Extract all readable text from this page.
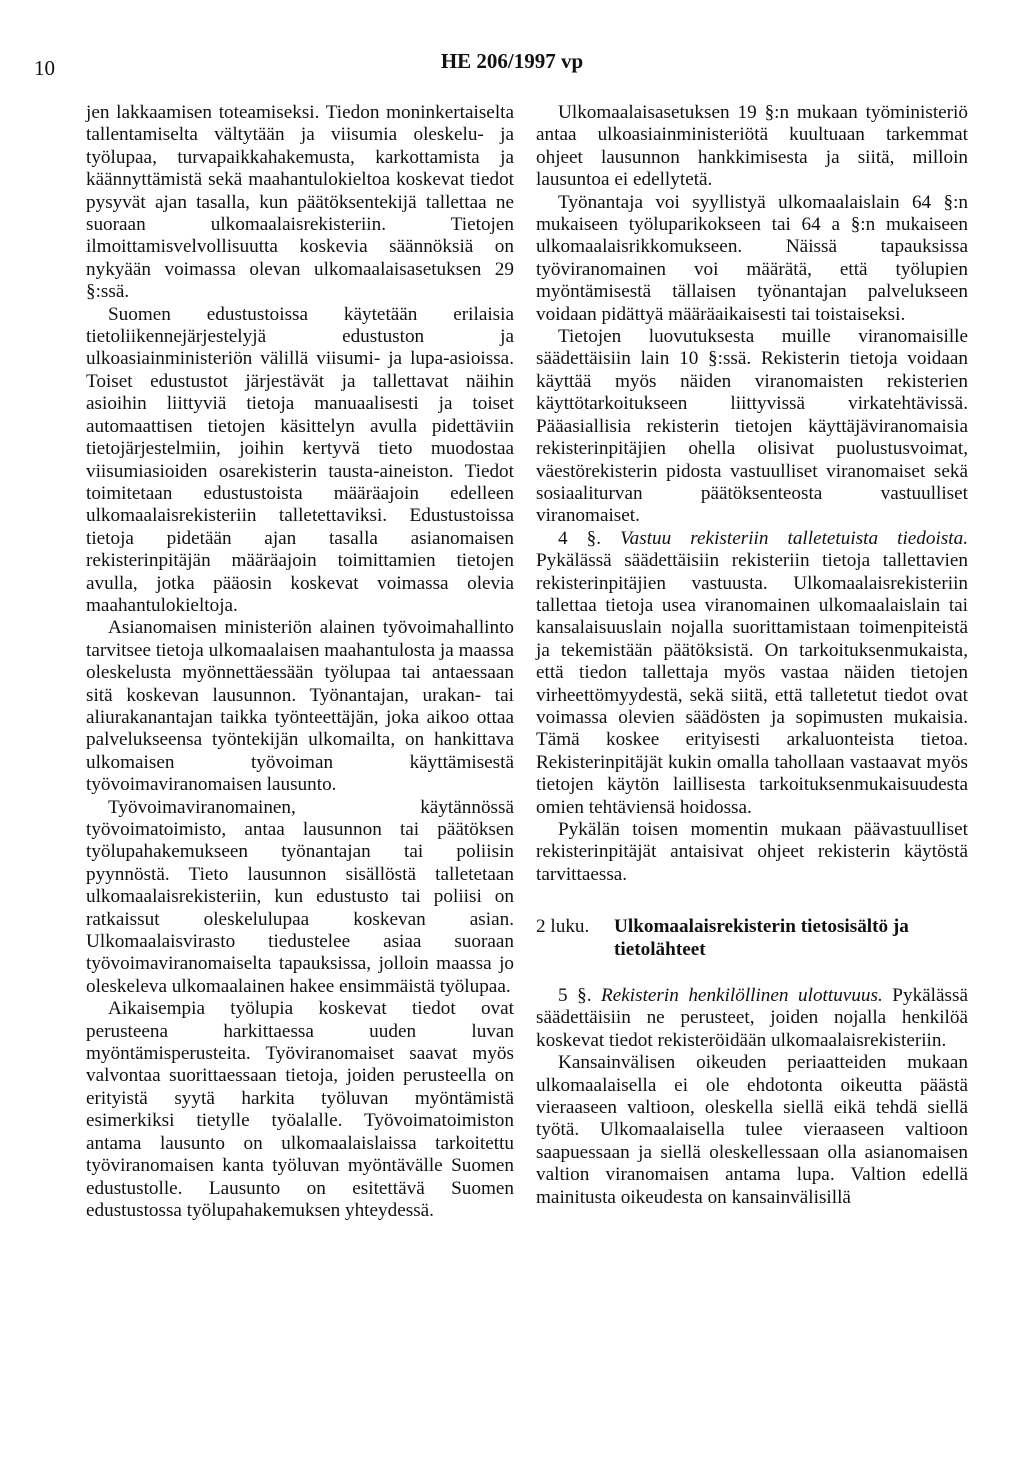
10	HE 206/1997 vp

jen lakkaamisen toteamiseksi. Tiedon moninkertaiselta tallentamiselta vältytään ja viisumia oleskelu- ja työlupaa, turvapaikkahakemusta, karkottamista ja käännyttämistä sekä maahantulokieltoa koskevat tiedot pysyvät ajan tasalla, kun päätöksentekijä tallettaa ne suoraan ulkomaalaisrekisteriin. Tietojen ilmoittamisvelvollisuutta koskevia säännöksiä on nykyään voimassa olevan ulkomaalaisasetuksen 29 §:ssä.

Suomen edustustoissa käytetään erilaisia tietoliikennejärjestelyjä edustuston ja ulkoasiainministeriön välillä viisumi- ja lupa-asioissa. Toiset edustustot järjestävät ja tallettavat näihin asioihin liittyviä tietoja manuaalisesti ja toiset automaattisen tietojen käsittelyn avulla pidettäviin tietojärjestelmiin, joihin kertyvä tieto muodostaa viisumiasioiden osarekisterin tausta-aineiston. Tiedot toimitetaan edustustoista määräajoin edelleen ulkomaalaisrekisteriin talletettaviksi. Edustustoissa tietoja pidetään ajan tasalla asianomaisen rekisterinpitäjän määräajoin toimittamien tietojen avulla, jotka pääosin koskevat voimassa olevia maahantulokieltoja.

Asianomaisen ministeriön alainen työvoimahallinto tarvitsee tietoja ulkomaalaisen maahantulosta ja maassa oleskelusta myönnettäessään työlupaa tai antaessaan sitä koskevan lausunnon. Työnantajan, urakan- tai aliurakanantajan taikka työnteettäjän, joka aikoo ottaa palvelukseensa työntekijän ulkomailta, on hankittava ulkomaisen työvoiman käyttämisestä työvoimaviranomaisen lausunto.

Työvoimaviranomainen, käytännössä työvoimatoimisto, antaa lausunnon tai päätöksen työlupahakemukseen työnantajan tai poliisin pyynnöstä. Tieto lausunnon sisällöstä talletetaan ulkomaalaisrekisteriin, kun edustusto tai poliisi on ratkaissut oleskelulupaa koskevan asian. Ulkomaalaisvirasto tiedustelee asiaa suoraan työvoimaviranomaiselta tapauksissa, jolloin maassa jo oleskeleva ulkomaalainen hakee ensimmäistä työlupaa.

Aikaisempia työlupia koskevat tiedot ovat perusteena harkittaessa uuden luvan myöntämisperusteita. Työviranomaiset saavat myös valvontaa suorittaessaan tietoja, joiden perusteella on erityistä syytä harkita työluvan myöntämistä esimerkiksi tietylle työalalle. Työvoimatoimiston antama lausunto on ulkomaalaislaissa tarkoitettu työviranomaisen kanta työluvan myöntävälle Suomen edustustolle. Lausunto on esitettävä Suomen edustustossa työlupahakemuksen yhteydessä.

Ulkomaalaisasetuksen 19 §:n mukaan työministeriö antaa ulkoasiainministeriötä kuultuaan tarkemmat ohjeet lausunnon hankkimisesta ja siitä, milloin lausuntoa ei edellytetä.

Työnantaja voi syyllistyä ulkomaalaislain 64 §:n mukaiseen työluparikokseen tai 64 a §:n mukaiseen ulkomaalaisrikkomukseen. Näissä tapauksissa työviranomainen voi määrätä, että työlupien myöntämisestä tällaisen työnantajan palvelukseen voidaan pidättyä määräaikaisesti tai toistaiseksi.

Tietojen luovutuksesta muille viranomaisille säädettäisiin lain 10 §:ssä. Rekisterin tietoja voidaan käyttää myös näiden viranomaisten rekisterien käyttötarkoitukseen liittyvissä virkatehtävissä. Pääasiallisia rekisterin tietojen käyttäjäviranomaisia rekisterinpitäjien ohella olisivat puolustusvoimat, väestörekisterin pidosta vastuulliset viranomaiset sekä sosiaaliturvan päätöksenteosta vastuulliset viranomaiset.

4 §. Vastuu rekisteriin talletetuista tiedoista. Pykälässä säädettäisiin rekisteriin tietoja tallettavien rekisterinpitäjien vastuusta. Ulkomaalaisrekisteriin tallettaa tietoja usea viranomainen ulkomaalaislain tai kansalaisuuslain nojalla suorittamistaan toimenpiteistä ja tekemistään päätöksistä. On tarkoituksenmukaista, että tiedon tallettaja myös vastaa näiden tietojen virheettömyydestä, sekä siitä, että talletetut tiedot ovat voimassa olevien säädösten ja sopimusten mukaisia. Tämä koskee erityisesti arkaluonteista tietoa. Rekisterinpitäjät kukin omalla tahollaan vastaavat myös tietojen käytön laillisesta tarkoituksenmukaisuudesta omien tehtäviensä hoidossa.

Pykälän toisen momentin mukaan päävastuulliset rekisterinpitäjät antaisivat ohjeet rekisterin käytöstä tarvittaessa.

2 luku.	Ulkomaalaisrekisterin tietosisältö ja tietolähteet

5 §. Rekisterin henkilöllinen ulottuvuus. Pykälässä säädettäisiin ne perusteet, joiden nojalla henkilöä koskevat tiedot rekisteröidään ulkomaalaisrekisteriin.

Kansainvälisen oikeuden periaatteiden mukaan ulkomaalaisella ei ole ehdotonta oikeutta päästä vieraaseen valtioon, oleskella siellä eikä tehdä siellä työtä. Ulkomaalaisella tulee vieraaseen valtioon saapuessaan ja siellä oleskellessaan olla asianomaisen valtion viranomaisen antama lupa. Valtion edellä mainitusta oikeudesta on kansainvälisillä
